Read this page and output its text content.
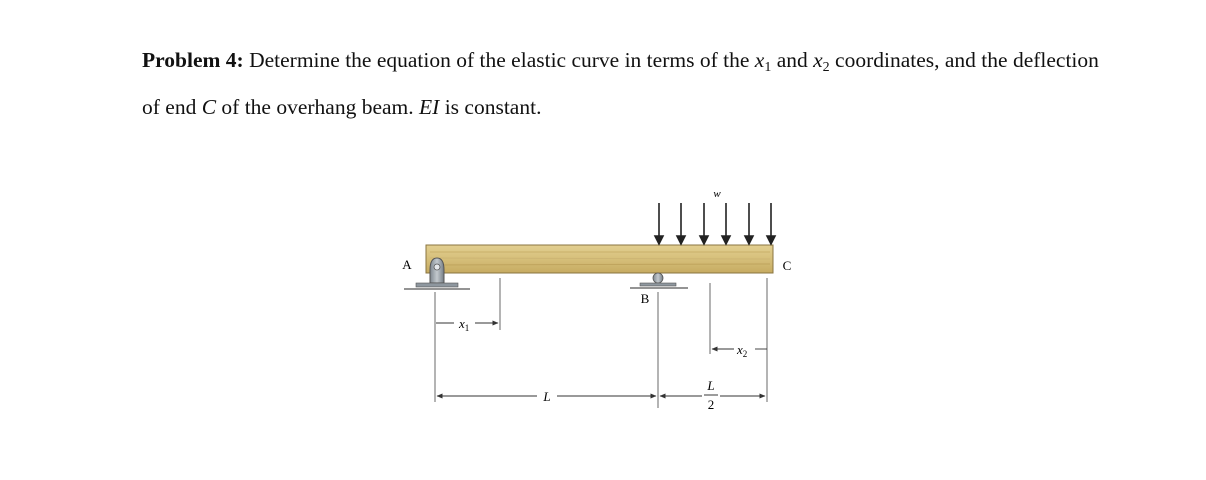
Problem 4: Determine the equation of the elastic curve in terms of the $x_1$ and $x_2$ coordinates, and the deflection of end C of the overhang beam. EI is constant.
w
A
B
C
$x_1$
$x_2$
L
L
2
